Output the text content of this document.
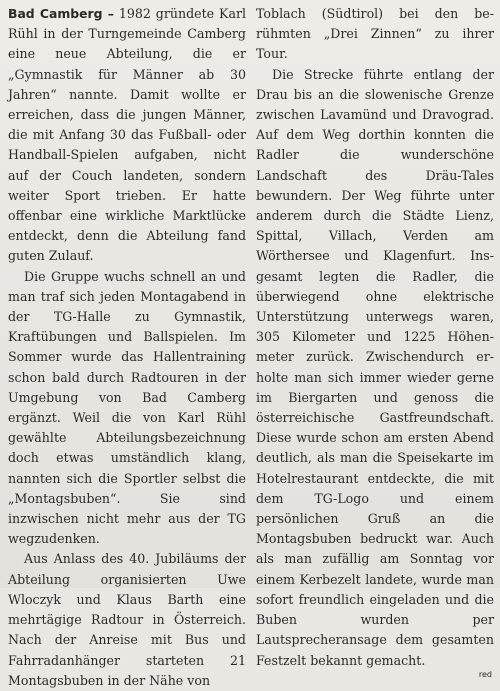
Bad Camberg – 1982 gründete Karl Rühl in der Turngemeinde Camberg eine neue Abteilung, die er „Gymnastik für Männer ab 30 Jahren“ nannte. Damit wollte er erreichen, dass die jungen Männer, die mit Anfang 30 das Fußball- oder Handball-Spielen aufgaben, nicht auf der Couch landeten, sondern weiter Sport trieben. Er hatte offenbar eine wirkliche Marktlücke entdeckt, denn die Abteilung fand guten Zulauf.

Die Gruppe wuchs schnell an und man traf sich jeden Montagabend in der TG-Halle zu Gymnastik, Kraftübungen und Ballspielen. Im Sommer wurde das Hallentraining schon bald durch Radtouren in der Umgebung von Bad Camberg ergänzt. Weil die von Karl Rühl gewählte Abteilungsbezeichnung doch etwas umständlich klang, nannten sich die Sportler selbst die „Montagsbuben“. Sie sind inzwischen nicht mehr aus der TG wegzudenken.

Aus Anlass des 40. Jubiläums der Abteilung organisierten Uwe Wloczyk und Klaus Barth eine mehrtägige Radtour in Österreich. Nach der Anreise mit Bus und Fahrradanhänger starteten 21 Montagsbuben in der Nähe von

Toblach (Südtirol) bei den berühmten „Drei Zinnen“ zu ihrer Tour.

Die Strecke führte entlang der Drau bis an die slowenische Grenze zwischen Lavamünd und Dravograd. Auf dem Weg dorthin konnten die Radler die wunderschöne Landschaft des Dräu-Tales bewundern. Der Weg führte unter anderem durch die Städte Lienz, Spittal, Villach, Verden am Wörthersee und Klagenfurt. Insgesamt legten die Radler, die überwiegend ohne elektrische Unterstützung unterwegs waren, 305 Kilometer und 1225 Höhenmeter zurück. Zwischendurch erholte man sich immer wieder gerne im Biergarten und genoss die österreichische Gastfreundschaft. Diese wurde schon am ersten Abend deutlich, als man die Speisekarte im Hotelrestaurant entdeckte, die mit dem TG-Logo und einem persönlichen Gruß an die Montagsbuben bedruckt war. Auch als man zufällig am Sonntag vor einem Kerbezelt landete, wurde man sofort freundlich eingeladen und die Buben wurden per Lautsprecheransage dem gesamten Festzelt bekannt gemacht.

red
